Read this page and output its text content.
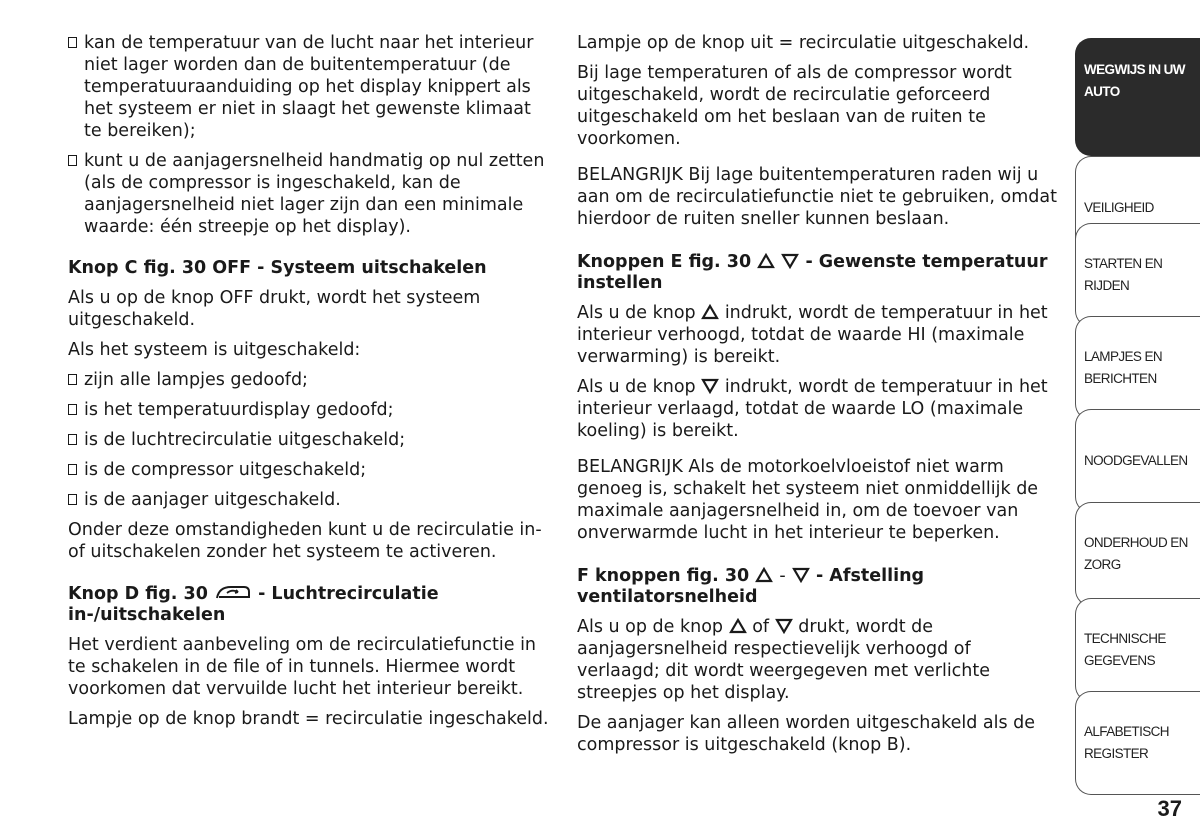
kan de temperatuur van de lucht naar het interieur niet lager worden dan de buitentemperatuur (de temperatuuraanduiding op het display knippert als het systeem er niet in slaagt het gewenste klimaat te bereiken);
kunt u de aanjagersnelheid handmatig op nul zetten (als de compressor is ingeschakeld, kan de aanjagersnelheid niet lager zijn dan een minimale waarde: één streepje op het display).
Knop C fig. 30 OFF - Systeem uitschakelen

Als u op de knop OFF drukt, wordt het systeem uitgeschakeld.

Als het systeem is uitgeschakeld:

zijn alle lampjes gedoofd;
is het temperatuurdisplay gedoofd;
is de luchtrecirculatie uitgeschakeld;
is de compressor uitgeschakeld;
is de aanjager uitgeschakeld.

Onder deze omstandigheden kunt u de recirculatie in- of uitschakelen zonder het systeem te activeren.

Knop D fig. 30	- Luchtrecirculatie in-/uitschakelen

Het verdient aanbeveling om de recirculatiefunctie in te schakelen in de file of in tunnels. Hiermee wordt voorkomen dat vervuilde lucht het interieur bereikt.

Lampje op de knop brandt = recirculatie ingeschakeld.

Lampje op de knop uit = recirculatie uitgeschakeld.

Bij lage temperaturen of als de compressor wordt uitgeschakeld, wordt de recirculatie geforceerd uitgeschakeld om het beslaan van de ruiten te voorkomen.

BELANGRIJK Bij lage buitentemperaturen raden wij u aan om de recirculatiefunctie niet te gebruiken, omdat hierdoor de ruiten sneller kunnen beslaan.

Knoppen E fig. 30	- Gewenste temperatuur instellen

Als u de knop indrukt, wordt de temperatuur in het interieur verhoogd, totdat de waarde HI (maximale verwarming) is bereikt.

Als u de knop indrukt, wordt de temperatuur in het interieur verlaagd, totdat de waarde LO (maximale koeling) is bereikt.

BELANGRIJK Als de motorkoelvloeistof niet warm genoeg is, schakelt het systeem niet onmiddellijk de maximale aanjagersnelheid in, om de toevoer van onverwarmde lucht in het interieur te beperken.

F knoppen fig. 30 - - Afstelling ventilatorsnelheid

Als u op de knop of drukt, wordt de aanjagersnelheid respectievelijk verhoogd of verlaagd; dit wordt weergegeven met verlichte streepjes op het display.

De aanjager kan alleen worden uitgeschakeld als de compressor is uitgeschakeld (knop B).

WEGWIJS IN UW
AUTO
VEILIGHEID
STARTEN EN RIJDEN
LAMPJES EN
BERICHTEN
NOODGEVALLEN
ONDERHOUD EN
ZORG
TECHNISCHE
GEGEVENS
ALFABETISCH
REGISTER
37
